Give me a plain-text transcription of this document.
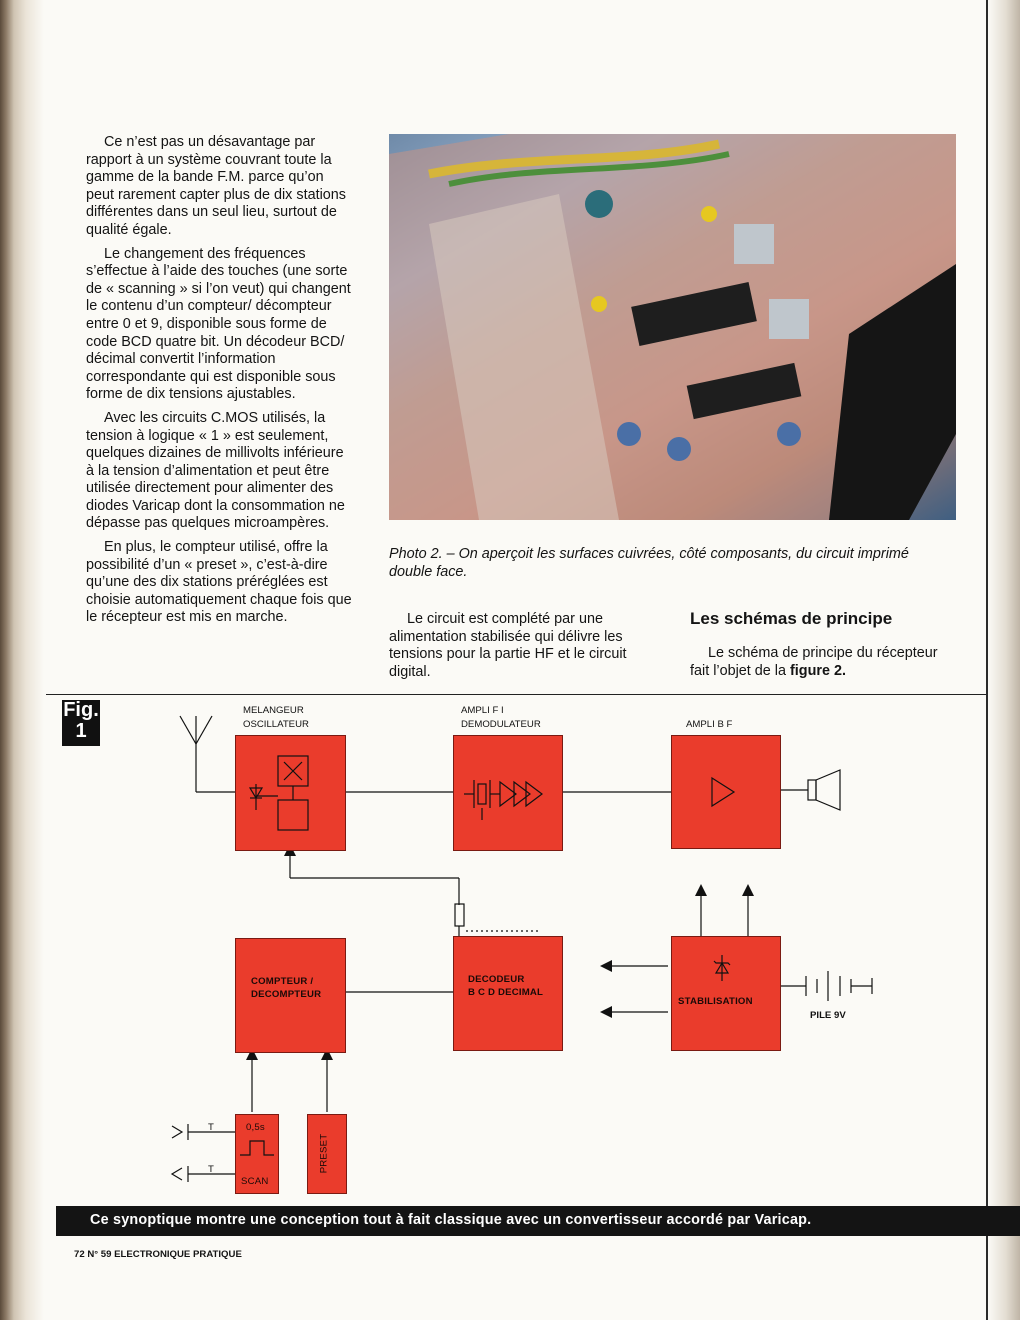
Ce n’est pas un désavantage par rapport à un système couvrant toute la gamme de la bande F.M. parce qu’on peut rarement capter plus de dix stations différentes dans un seul lieu, surtout de qualité égale.

Le changement des fréquences s’effectue à l’aide des touches (une sorte de « scanning » si l’on veut) qui changent le contenu d’un compteur/ décompteur entre 0 et 9, disponible sous forme de code BCD quatre bit. Un décodeur BCD/ décimal convertit l’information correspondante qui est disponible sous forme de dix tensions ajustables.

Avec les circuits C.MOS utilisés, la tension à logique « 1 » est seulement, quelques dizaines de millivolts inférieure à la tension d’alimentation et peut être utilisée directement pour alimenter des diodes Varicap dont la consommation ne dépasse pas quelques microampères.

En plus, le compteur utilisé, offre la possibilité d’un « preset », c’est-à-dire qu’une des dix stations préréglées est choisie automatiquement chaque fois que le récepteur est mis en marche.

Photo 2. – On aperçoit les surfaces cuivrées, côté composants, du circuit imprimé double face.

Le circuit est complété par une alimentation stabilisée qui délivre les tensions pour la partie HF et le circuit digital.

Les schémas de principe

Le schéma de principe du récepteur fait l’objet de la figure 2.

Fig.
1
MELANGEUR
OSCILLATEUR
AMPLI F I
DEMODULATEUR	AMPLI B F
COMPTEUR /
DECOMPTEUR
DECODEUR
B C D DECIMAL
STABILISATION
PILE 9V
0,5s
SCAN
PRESET
T
T
Ce synoptique montre une conception tout à fait classique avec un convertisseur accordé par Varicap.
72 N° 59 ELECTRONIQUE PRATIQUE
